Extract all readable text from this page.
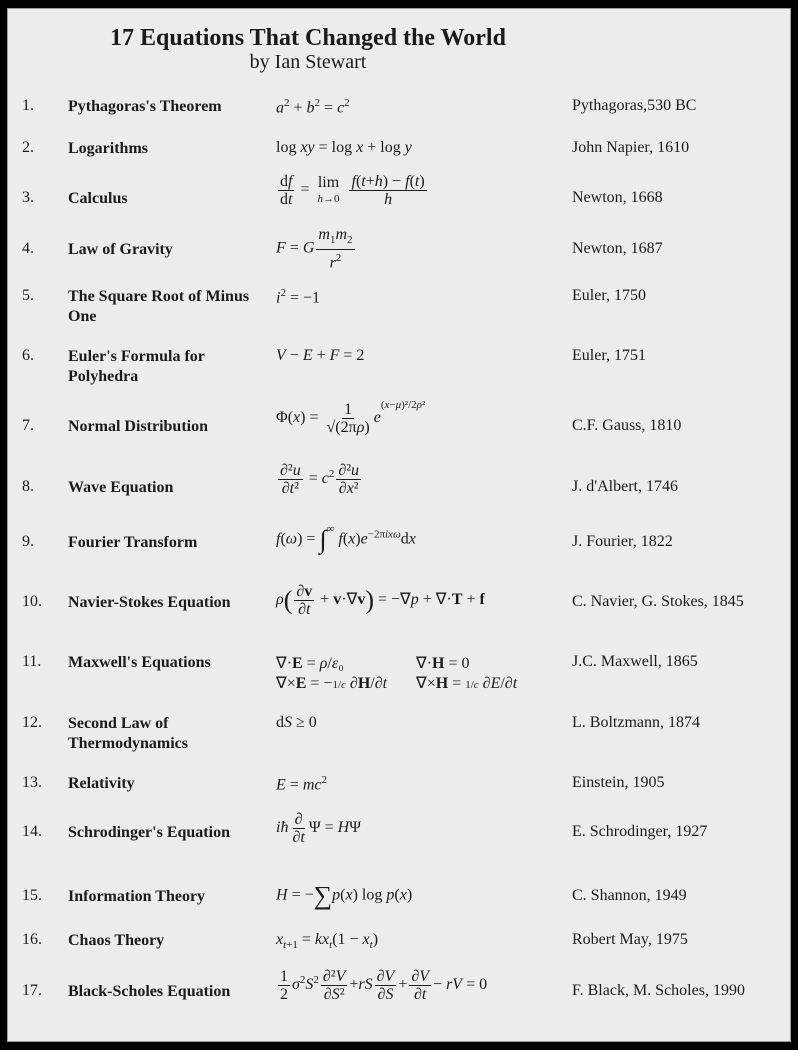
17 Equations That Changed the World
by Ian Stewart
1.	Pythagoras's Theorem	$a^2 + b^2 = c^2$	Pythagoras,530 BC
2.	Logarithms	log xy = log x + log y	John Napier, 1610
3.	Calculus	$\frac{df}{dt} = \lim$
h→0
$\frac{f(t+h) - f(t)}{h}$	Newton, 1668
4.	Law of Gravity	F = G $\frac{m_1m_2}{r^2}$	Newton, 1687
5.	The Square Root of Minus One
$i^2 = -1$	Euler, 1750
6.	Euler's Formula for Polyhedra
V − E + F = 2	Euler, 1751
7.	Normal Distribution
$\Phi(x) = \frac{1}{√(2\pi\rho)} e^{(x-\mu)^2/2\rho^2}$
C.F. Gauss, 1810
8.	Wave Equation	$\frac{\text{∂²u}}{\text{∂t²}} = c^2 \frac{\text{∂²u}}{\text{∂x²}}$	J. d'Albert, 1746
9.	Fourier Transform	f(ω) = ∫∞ $f(x)e^{-2\pi ix\omega}dx$	J. Fourier, 1822
10.	Navier-Stokes Equation	$\rho( \frac{\partial v}{\partial t} + v\cdot\nabla v) = -\nabla p + \nabla\cdot T + f$	C. Navier, G. Stokes, 1845
11.	Maxwell's Equations	∇·E = ρ/ε₀	∇·H = 0
∇×E = −1/c ∂H/∂t ∇×H = 1/c ∂E/∂t
J.C. Maxwell, 1865
12.	Second Law of Thermodynamics
dS ≥ 0	L. Boltzmann, 1874
13.	Relativity	$E = mc^2$	Einstein, 1905
14.	Schrodinger's Equation	iħ $\frac{\partial}{\partial t}$ Ψ = HΨ	E. Schrodinger, 1927
15.	Information Theory	H = −∑p(x) log p(x)	C. Shannon, 1949
16.	Chaos Theory	$x_{t+1} = kx_t(1 - x_t)$	Robert May, 1975
17.	Black-Scholes Equation	$\frac{1}{2} \sigma^2S^2 \frac{\text{∂²V}}{\text{∂S²}} +rS \frac{\partial V}{\partial S} + \frac{\partial V}{\partial t}$ − rV = 0	F. Black, M. Scholes, 1990
